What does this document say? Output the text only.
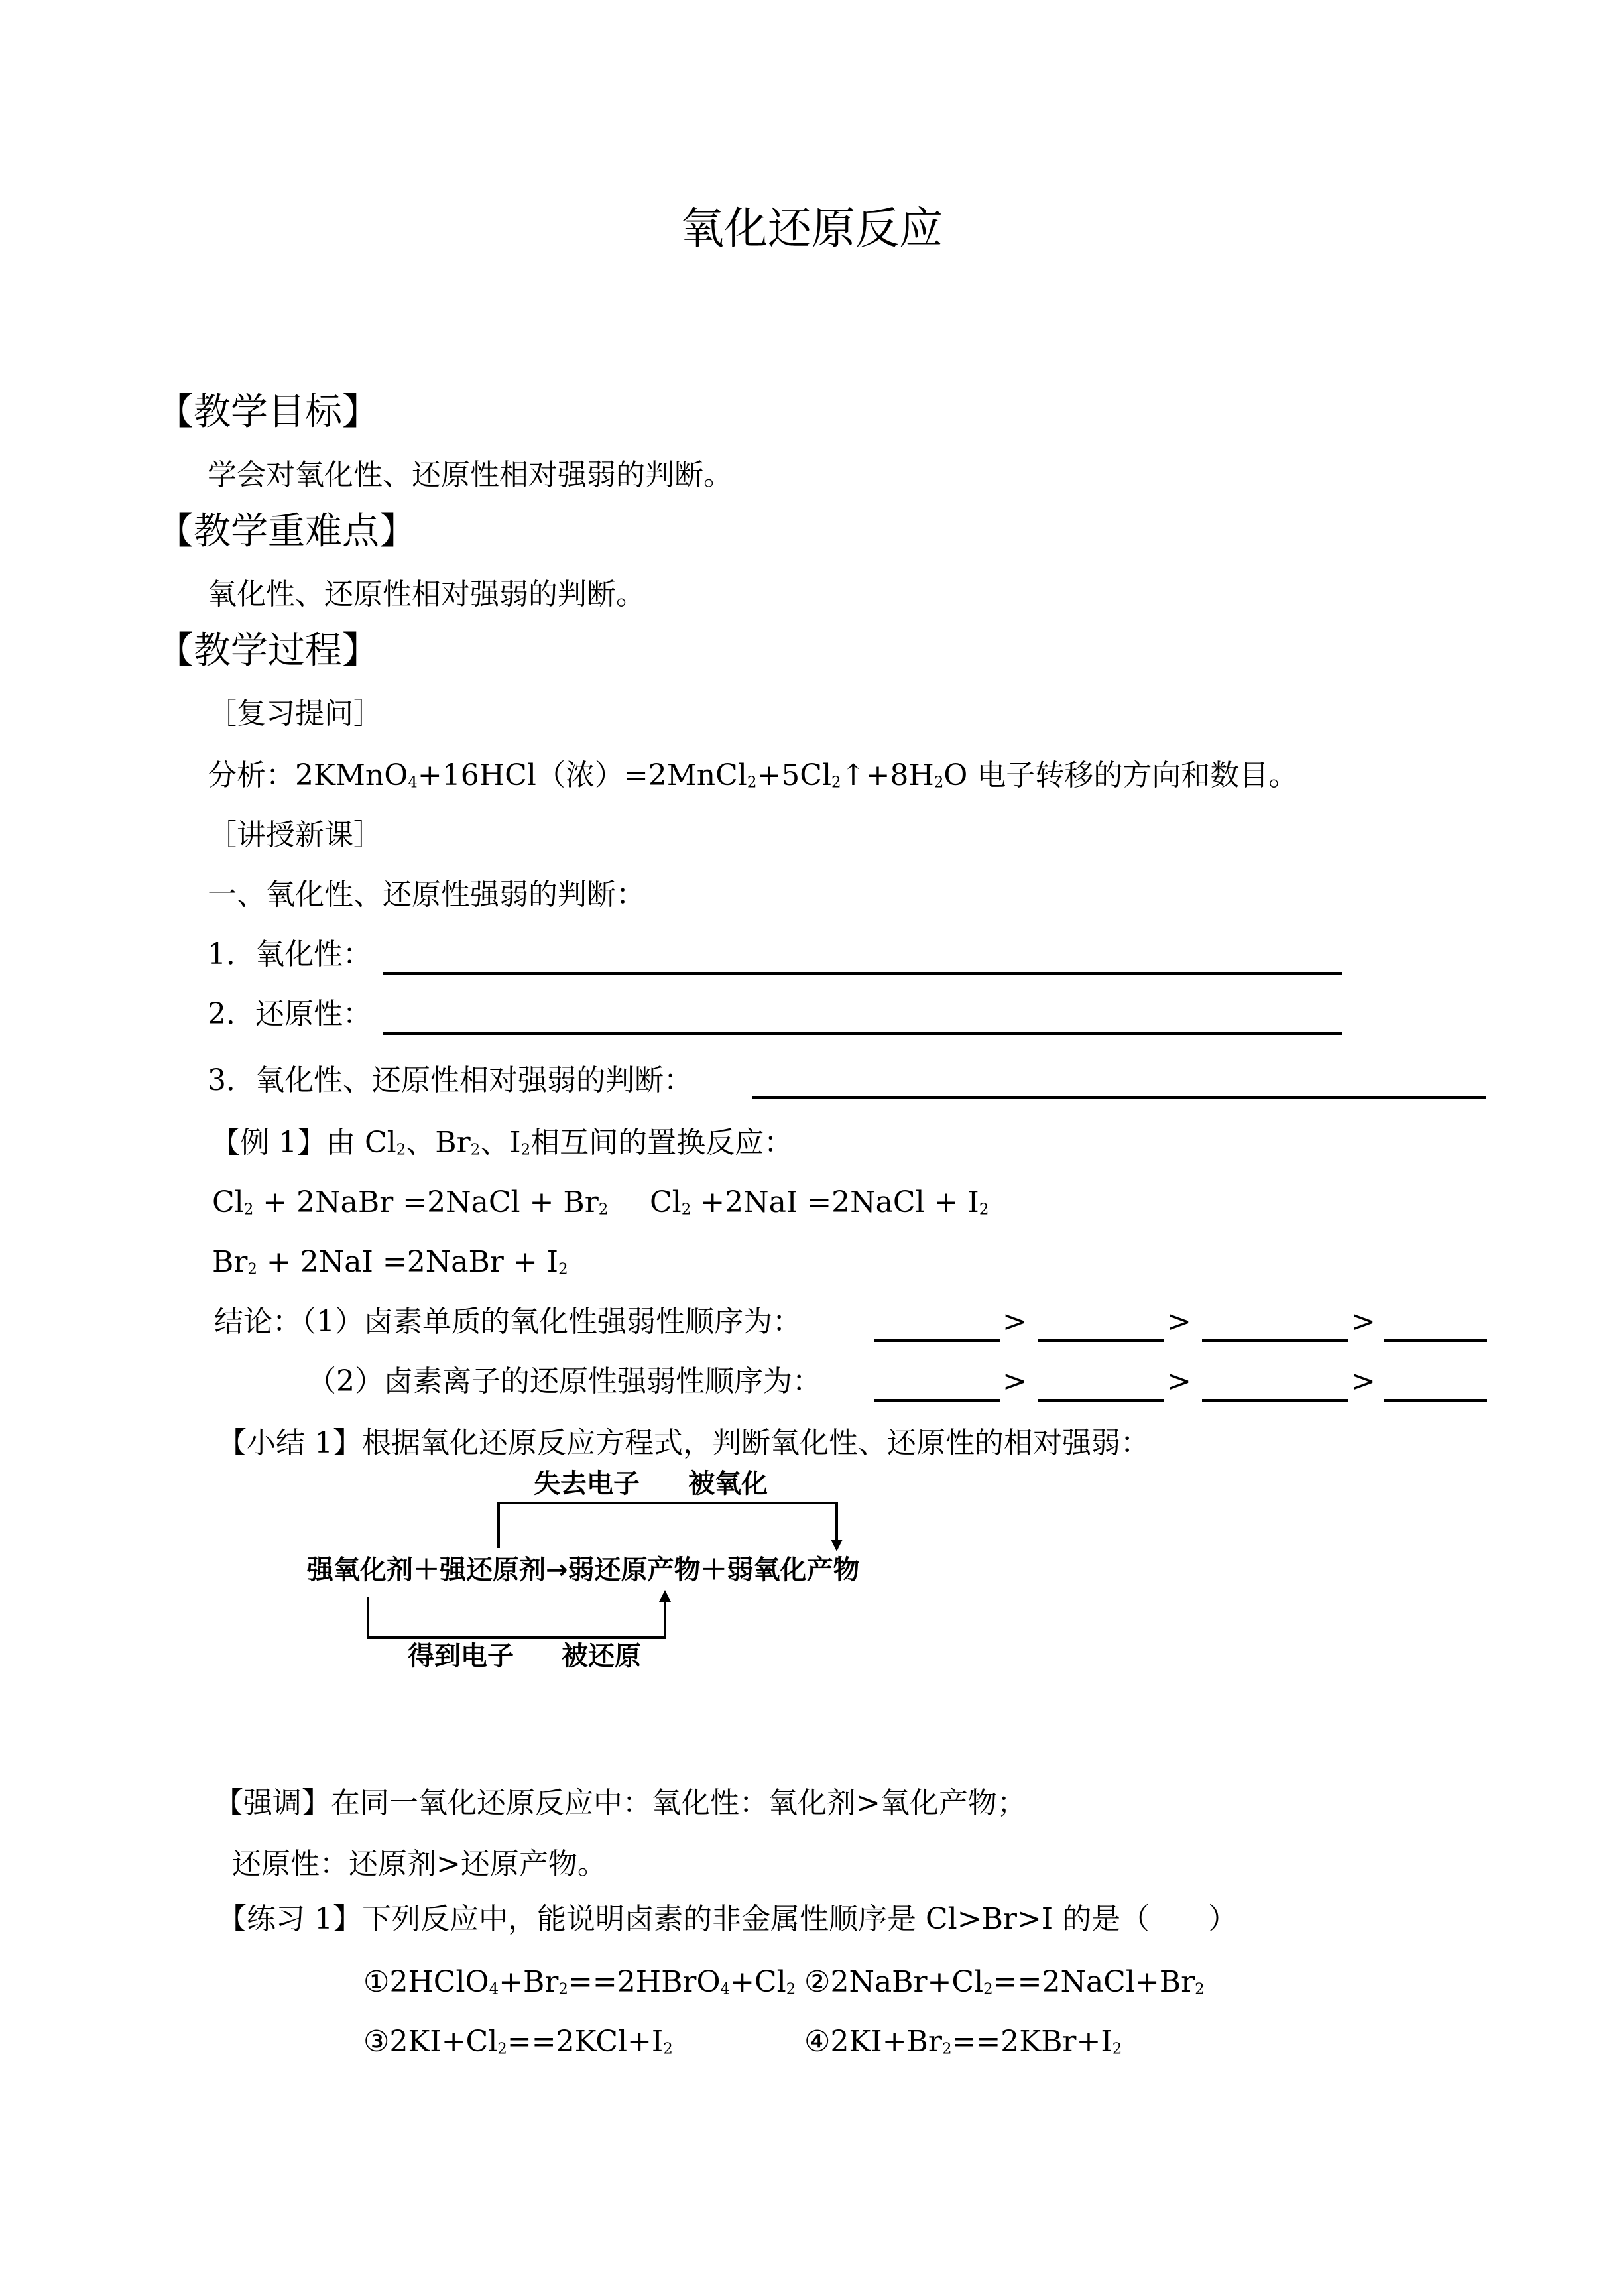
氧化还原反应
【教学目标】
学会对氧化性、还原性相对强弱的判断。
【教学重难点】
氧化性、还原性相对强弱的判断。
【教学过程】
［复习提问］
分析：2KMnO$_4$+16HCl（浓）$=2MnCl_2+5Cl_2↑+8H_2O$ 电子转移的方向和数目。
［讲授新课］
一、氧化性、还原性强弱的判断：
1．氧化性：
2．还原性：
3．氧化性、还原性相对强弱的判断：
【例 1】由 $Cl_2$、$Br_2$、$I_2$相互间的置换反应：
$Cl_2$ + 2NaBr =2NaCl + $Br_2$ $Cl_2 +2NaI$ =2NaCl + $I_2$
$Br_2 + 2NaI$ =2NaBr + $I_2$
结论：（1）卤素单质的氧化性强弱性顺序为：	>	>	>
（2）卤素离子的还原性强弱性顺序为：	>	>	>
【小结 1】根据氧化还原反应方程式，判断氧化性、还原性的相对强弱：
失去电子 被氧化
强氧化剂＋强还原剂→弱还原产物＋弱氧化产物
得到电子 被还原
【强调】在同一氧化还原反应中：氧化性：氧化剂>氧化产物；
还原性：还原剂>还原产物。
【练习 1】下列反应中，能说明卤素的非金属性顺序是 Cl>Br>I 的是（　　）
$①2HClO_4+Br_2==2HBrO_4+Cl_2$ $②2NaBr+Cl_2==2NaCl+Br_2$
$③2KI+Cl_2==2KCl+I_2$	$④2KI+Br_2==2KBr+I_2$
